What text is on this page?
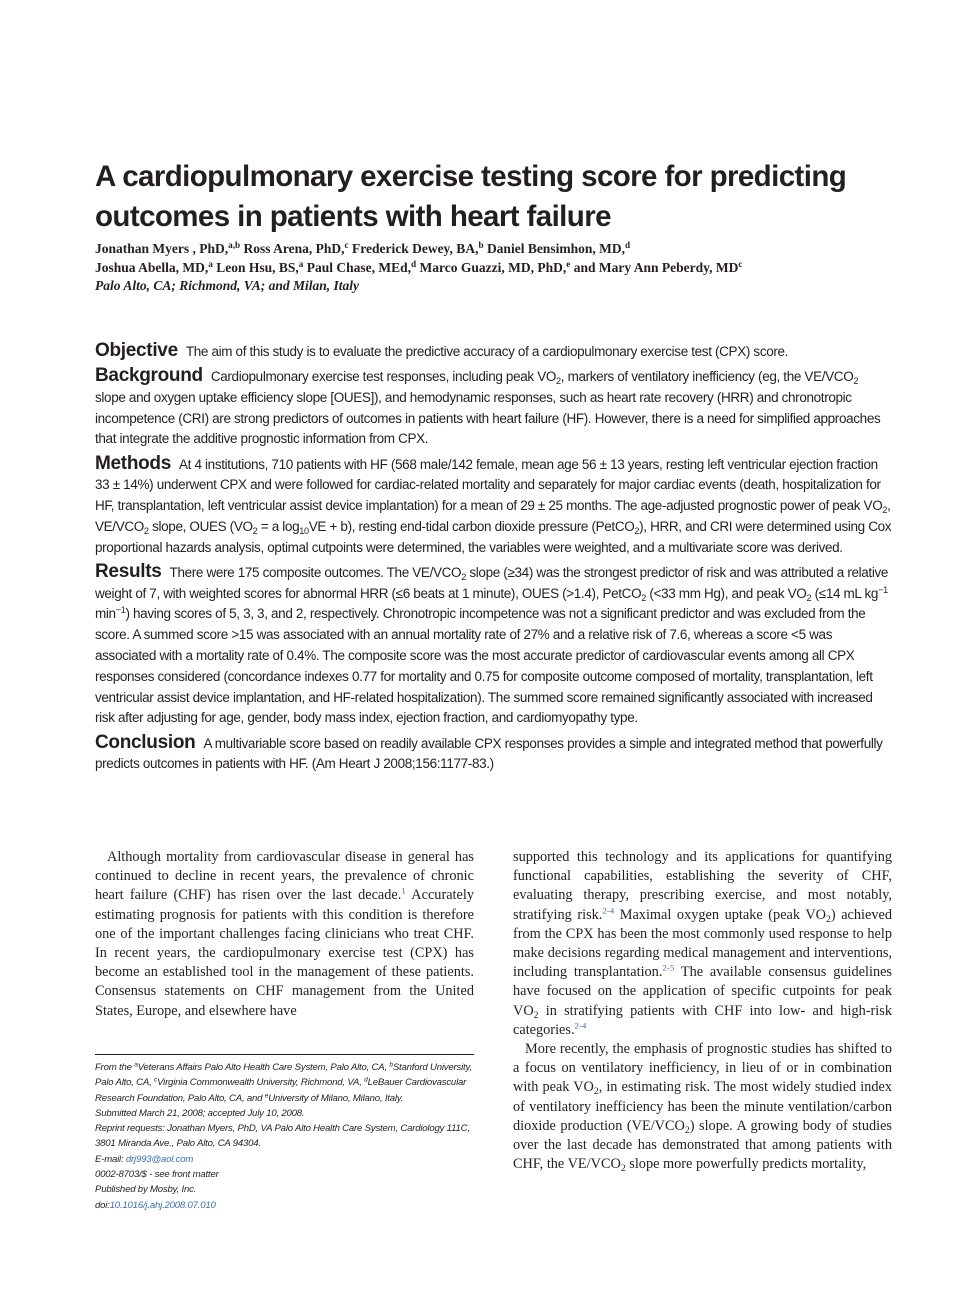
A cardiopulmonary exercise testing score for predicting outcomes in patients with heart failure
Jonathan Myers , PhD,$^{a,b}$ Ross Arena, PhD,$^c$ Frederick Dewey, BA,$^b$ Daniel Bensimhon, MD,$^d$
Joshua Abella, MD,$^a$ Leon Hsu, BS,$^a$ Paul Chase, MEd,$^d$ Marco Guazzi, MD, PhD,$^e$ and Mary Ann Peberdy, $MD^c$
Palo Alto, CA; Richmond, VA; and Milan, Italy

Objective The aim of this study is to evaluate the predictive accuracy of a cardiopulmonary exercise test (CPX) score.

Background Cardiopulmonary exercise test responses, including peak $VO_2$, markers of ventilatory inefficiency (eg, the $VE/VCO_2$ slope and oxygen uptake efficiency slope [OUES]), and hemodynamic responses, such as heart rate recovery (HRR) and chronotropic incompetence (CRI) are strong predictors of outcomes in patients with heart failure (HF). However, there is a need for simplified approaches that integrate the additive prognostic information from CPX.

Methods At 4 institutions, 710 patients with HF (568 male/142 female, mean age 56 ± 13 years, resting left ventricular ejection fraction 33 ± 14%) underwent CPX and were followed for cardiac-related mortality and separately for major cardiac events (death, hospitalization for HF, transplantation, left ventricular assist device implantation) for a mean of 29 ± 25 months. The age-adjusted prognostic power of peak $VO_2$, $VE/VCO_2$ slope, OUES ($VO_2 = a$ $\log_{10}VE + b$), resting end-tidal carbon dioxide pressure (PetCO$_2$), HRR, and CRI were determined using Cox proportional hazards analysis, optimal cutpoints were determined, the variables were weighted, and a multivariate score was derived.

Results There were 175 composite outcomes. The $VE/VCO_2$ slope (≥34) was the strongest predictor of risk and was attributed a relative weight of 7, with weighted scores for abnormal HRR (≤6 beats at 1 minute), OUES (>1.4), PetCO$_2$ (<33 mm Hg), and peak $VO_2$ (≤14 mL $kg^{-1}$ $\min^{-1}$) having scores of 5, 3, 3, and 2, respectively. Chronotropic incompetence was not a significant predictor and was excluded from the score. A summed score >15 was associated with an annual mortality rate of 27% and a relative risk of 7.6, whereas a score <5 was associated with a mortality rate of 0.4%. The composite score was the most accurate predictor of cardiovascular events among all CPX responses considered (concordance indexes 0.77 for mortality and 0.75 for composite outcome composed of mortality, transplantation, left ventricular assist device implantation, and HF-related hospitalization). The summed score remained significantly associated with increased risk after adjusting for age, gender, body mass index, ejection fraction, and cardiomyopathy type.

Conclusion A multivariable score based on readily available CPX responses provides a simple and integrated method that powerfully predicts outcomes in patients with HF. (Am Heart J 2008;156:1177-83.)

Although mortality from cardiovascular disease in general has continued to decline in recent years, the prevalence of chronic heart failure (CHF) has risen over the last decade.$^1$ Accurately estimating prognosis for patients with this condition is therefore one of the important challenges facing clinicians who treat CHF. In recent years, the cardiopulmonary exercise test (CPX) has become an established tool in the management of these patients. Consensus statements on CHF management from the United States, Europe, and elsewhere have

From the $^a$Veterans Affairs Palo Alto Health Care System, Palo Alto, CA, $^b$Stanford University, Palo Alto, CA, $^c$Virginia Commonwealth University, Richmond, VA, $^d$LeBauer Cardiovascular Research Foundation, Palo Alto, CA, and $^e$University of Milano, Milano, Italy.

Submitted March 21, 2008; accepted July 10, 2008.

Reprint requests: Jonathan Myers, PhD, VA Palo Alto Health Care System, Cardiology 111C, 3801 Miranda Ave., Palo Alto, CA 94304.

E-mail: drj993@aol.com

0002-8703/$ - see front matter

Published by Mosby, Inc.

doi:10.1016/j.ahj.2008.07.010

supported this technology and its applications for quantifying functional capabilities, establishing the severity of CHF, evaluating therapy, prescribing exercise, and most notably, stratifying risk.$^{2-4}$ Maximal oxygen uptake (peak $VO_2$) achieved from the CPX has been the most commonly used response to help make decisions regarding medical management and interventions, including transplantation.$^{2-5}$ The available consensus guidelines have focused on the application of specific cutpoints for peak $VO_2$ in stratifying patients with CHF into low- and high-risk categories.$^{2-4}$

More recently, the emphasis of prognostic studies has shifted to a focus on ventilatory inefficiency, in lieu of or in combination with peak $VO_2$, in estimating risk. The most widely studied index of ventilatory inefficiency has been the minute ventilation/carbon dioxide production $(VE/VCO_2)$ slope. A growing body of studies over the last decade has demonstrated that among patients with CHF, the $VE/VCO_2$ slope more powerfully predicts mortality,
